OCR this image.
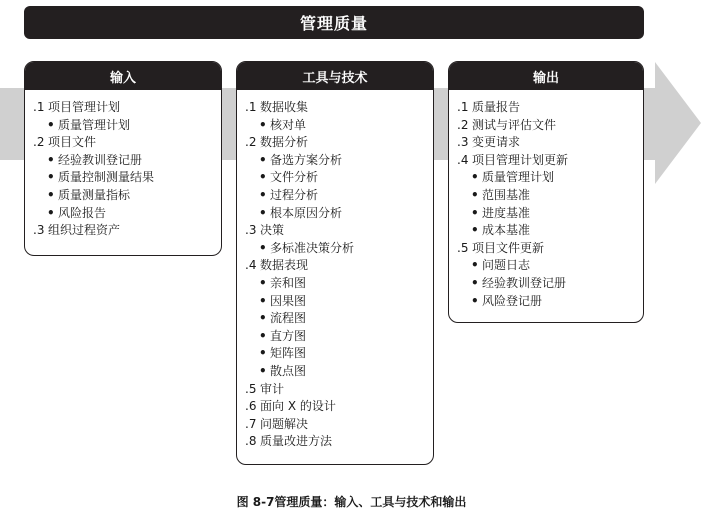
管理质量
输入
.1 项目管理计划
• 质量管理计划
.2 项目文件
• 经验教训登记册
• 质量控制测量结果
• 质量测量指标
• 风险报告
.3 组织过程资产
工具与技术
.1 数据收集
• 核对单
.2 数据分析
• 备选方案分析
• 文件分析
• 过程分析
• 根本原因分析
.3 决策
• 多标准决策分析
.4 数据表现
• 亲和图
• 因果图
• 流程图
• 直方图
• 矩阵图
• 散点图
.5 审计
.6 面向 X 的设计
.7 问题解决
.8 质量改进方法
输出
.1 质量报告
.2 测试与评估文件
.3 变更请求
.4 项目管理计划更新
• 质量管理计划
• 范围基准
• 进度基准
• 成本基准
.5 项目文件更新
• 问题日志
• 经验教训登记册
• 风险登记册
图 8-7管理质量：输入、工具与技术和输出
